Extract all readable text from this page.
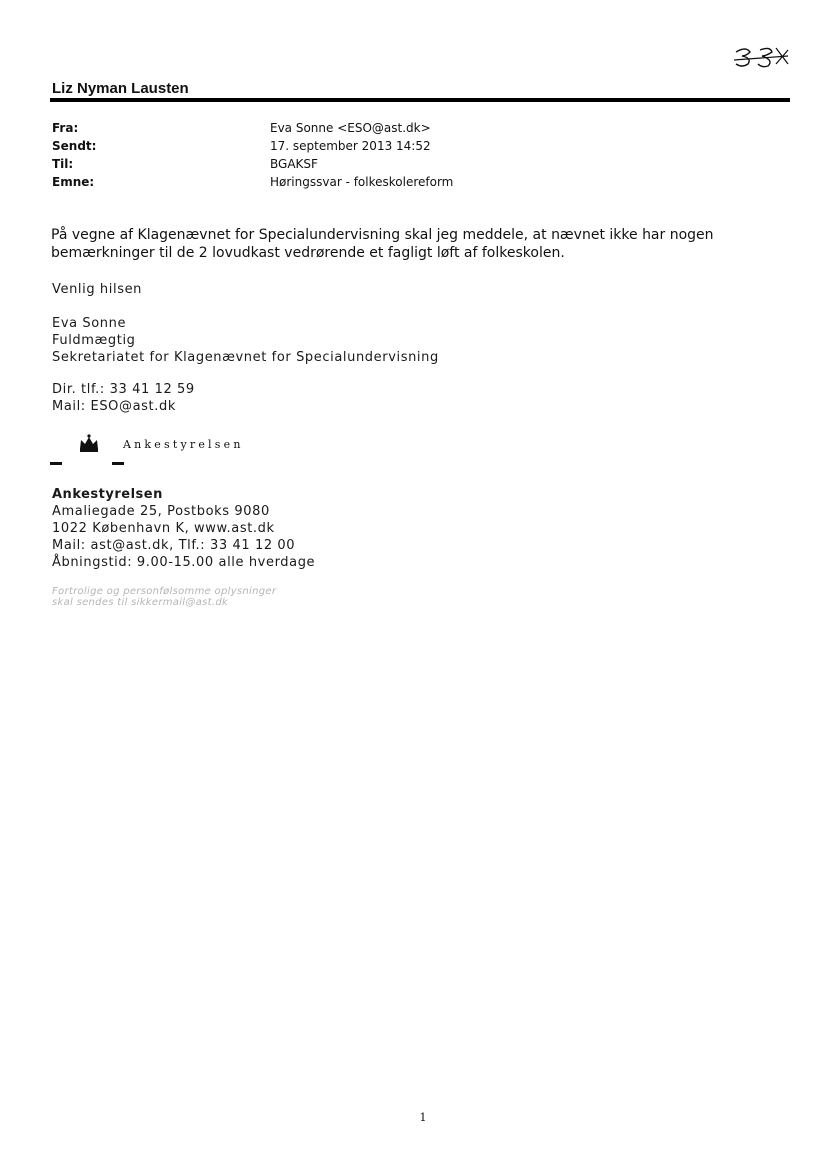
Liz Nyman Lausten
Fra:	Eva Sonne <ESO@ast.dk>
Sendt:	17. september 2013 14:52
Til:	BGAKSF
Emne:	Høringssvar - folkeskolereform
På vegne af Klagenævnet for Specialundervisning skal jeg meddele, at nævnet ikke har nogen
bemærkninger til de 2 lovudkast vedrørende et fagligt løft af folkeskolen.
Venlig hilsen
Eva Sonne
Fuldmægtig
Sekretariatet for Klagenævnet for Specialundervisning
Dir. tlf.: 33 41 12 59
Mail: ESO@ast.dk
Ankestyrelsen
Ankestyrelsen
Amaliegade 25, Postboks 9080
1022 København K, www.ast.dk
Mail: ast@ast.dk, Tlf.: 33 41 12 00
Åbningstid: 9.00-15.00 alle hverdage
Fortrolige og personfølsomme oplysninger
skal sendes til sikkermail@ast.dk
1
